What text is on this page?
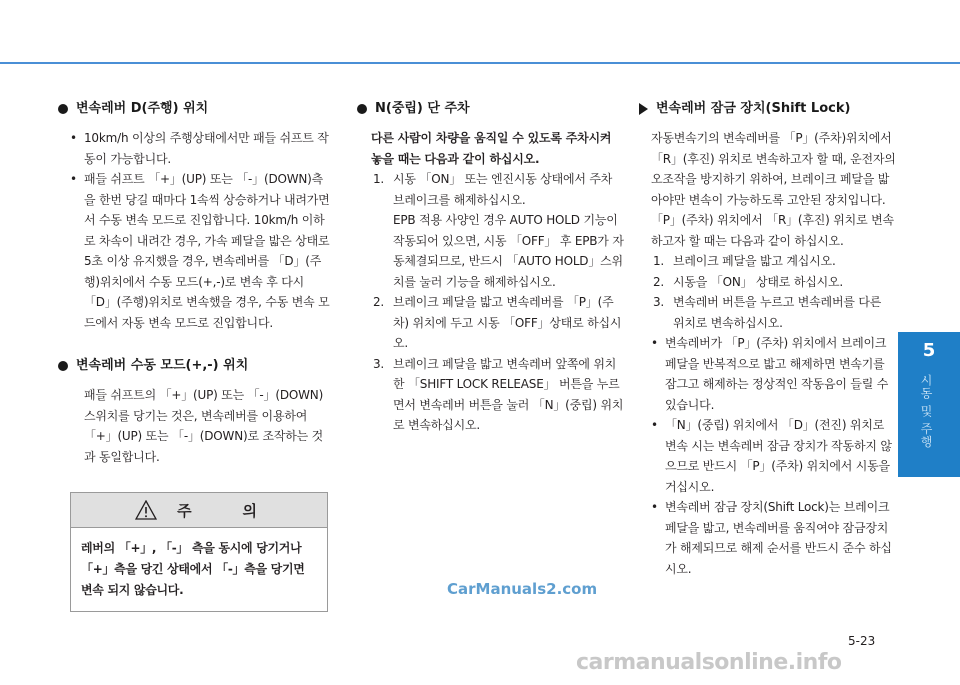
변속레버 D(주행) 위치
• 10km/h 이상의 주행상태에서만 패들 쉬프트 작동이 가능합니다.
• 패들 쉬프트 「+」(UP) 또는 「-」(DOWN)측을 한번 당길 때마다 1속씩 상승하거나 내려가면서 수동 변속 모드로 진입합니다. 10km/h 이하로 차속이 내려간 경우, 가속 페달을 밟은 상태로 5초 이상 유지했을 경우, 변속레버를 「D」(주행)위치에서 수동 모드(+,-)로 변속 후 다시 「D」(주행)위치로 변속했을 경우, 수동 변속 모드에서 자동 변속 모드로 진입합니다.
변속레버 수동 모드(+,-) 위치

패들 쉬프트의 「+」(UP) 또는 「-」(DOWN)스위치를 당기는 것은, 변속레버를 이용하여 「+」(UP) 또는 「-」(DOWN)로 조작하는 것과 동일합니다.

주    의
레버의 「+」, 「-」 측을 동시에 당기거나 「+」측을 당긴 상태에서 「-」측을 당기면 변속 되지 않습니다.
N(중립) 단 주차

다른 사람이 차량을 움직일 수 있도록 주차시켜 놓을 때는 다음과 같이 하십시오.

1. 시동 「ON」 또는 엔진시동 상태에서 주차 브레이크를 해제하십시오.
EPB 적용 사양인 경우 AUTO HOLD 기능이 작동되어 있으면, 시동 「OFF」 후 EPB가 자동체결되므로, 반드시 「AUTO HOLD」스위치를 눌러 기능을 해제하십시오.
2. 브레이크 페달을 밟고 변속레버를 「P」(주차) 위치에 두고 시동 「OFF」상태로 하십시오.
3. 브레이크 페달을 밟고 변속레버 앞쪽에 위치한 「SHIFT LOCK RELEASE」 버튼을 누르면서 변속레버 버튼을 눌러 「N」(중립) 위치로 변속하십시오.
변속레버 잠금 장치(Shift Lock)

자동변속기의 변속레버를 「P」(주차)위치에서 「R」(후진) 위치로 변속하고자 할 때, 운전자의 오조작을 방지하기 위하여, 브레이크 페달을 밟아야만 변속이 가능하도록 고안된 장치입니다.

「P」(주차) 위치에서 「R」(후진) 위치로 변속하고자 할 때는 다음과 같이 하십시오.

1. 브레이크 페달을 밟고 계십시오.
2. 시동을 「ON」 상태로 하십시오.
3. 변속레버 버튼을 누르고 변속레버를 다른 위치로 변속하십시오.
• 변속레버가 「P」(주차) 위치에서 브레이크 페달을 반복적으로 밟고 해제하면 변속기를 잠그고 해제하는 정상적인 작동음이 들릴 수 있습니다.
• 「N」(중립) 위치에서 「D」(전진) 위치로 변속 시는 변속레버 잠금 장치가 작동하지 않으므로 반드시 「P」(주차) 위치에서 시동을 거십시오.
• 변속레버 잠금 장치(Shift Lock)는 브레이크 페달을 밟고, 변속레버를 움직여야 잠금장치가 해제되므로 해제 순서를 반드시 준수 하십시오.
5
시동 및 주행
CarManuals2.com
5-23
carmanualsonline.info
